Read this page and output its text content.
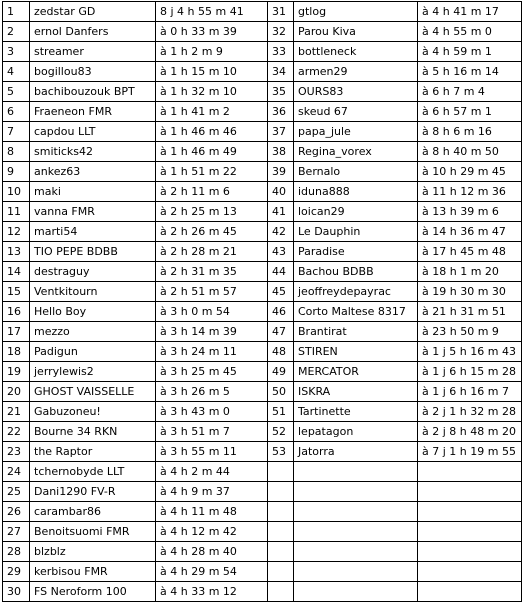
1	zedstar GD	8 j 4 h 55 m 41	31	gtlog	à 4 h 41 m 17
2	ernol Danfers	à 0 h 33 m 39	32	Parou Kiva	à 4 h 55 m 0
3	streamer	à 1 h 2 m 9	33	bottleneck	à 4 h 59 m 1
4	bogillou83	à 1 h 15 m 10	34	armen29	à 5 h 16 m 14
5	bachibouzouk BPT	à 1 h 32 m 10	35	OURS83	à 6 h 7 m 4
6	Fraeneon FMR	à 1 h 41 m 2	36	skeud 67	à 6 h 57 m 1
7	capdou LLT	à 1 h 46 m 46	37	papa_jule	à 8 h 6 m 16
8	smiticks42	à 1 h 46 m 49	38	Regina_vorex	à 8 h 40 m 50
9	ankez63	à 1 h 51 m 22	39	Bernalo	à 10 h 29 m 45
10	maki	à 2 h 11 m 6	40	iduna888	à 11 h 12 m 36
11	vanna FMR	à 2 h 25 m 13	41	loican29	à 13 h 39 m 6
12	marti54	à 2 h 26 m 45	42	Le Dauphin	à 14 h 36 m 47
13	TIO PEPE BDBB	à 2 h 28 m 21	43	Paradise	à 17 h 45 m 48
14	destraguy	à 2 h 31 m 35	44	Bachou BDBB	à 18 h 1 m 20
15	Ventkitourn	à 2 h 51 m 57	45	jeoffreydepayrac	à 19 h 30 m 30
16	Hello Boy	à 3 h 0 m 54	46	Corto Maltese 8317	à 21 h 31 m 51
17	mezzo	à 3 h 14 m 39	47	Brantirat	à 23 h 50 m 9
18	Padigun	à 3 h 24 m 11	48	STIREN	à 1 j 5 h 16 m 43
19	jerrylewis2	à 3 h 25 m 45	49	MERCATOR	à 1 j 6 h 15 m 28
20	GHOST VAISSELLE	à 3 h 26 m 5	50	ISKRA	à 1 j 6 h 16 m 7
21	Gabuzoneu!	à 3 h 43 m 0	51	Tartinette	à 2 j 1 h 32 m 28
22	Bourne 34 RKN	à 3 h 51 m 7	52	lepatagon	à 2 j 8 h 48 m 20
23	the Raptor	à 3 h 55 m 11	53	Jatorra	à 7 j 1 h 19 m 55
24	tchernobyde LLT	à 4 h 2 m 44			
25	Dani1290 FV-R	à 4 h 9 m 37			
26	carambar86	à 4 h 11 m 48			
27	Benoitsuomi FMR	à 4 h 12 m 42			
28	blzblz	à 4 h 28 m 40			
29	kerbisou FMR	à 4 h 29 m 54			
30	FS Neroform 100	à 4 h 33 m 12			
